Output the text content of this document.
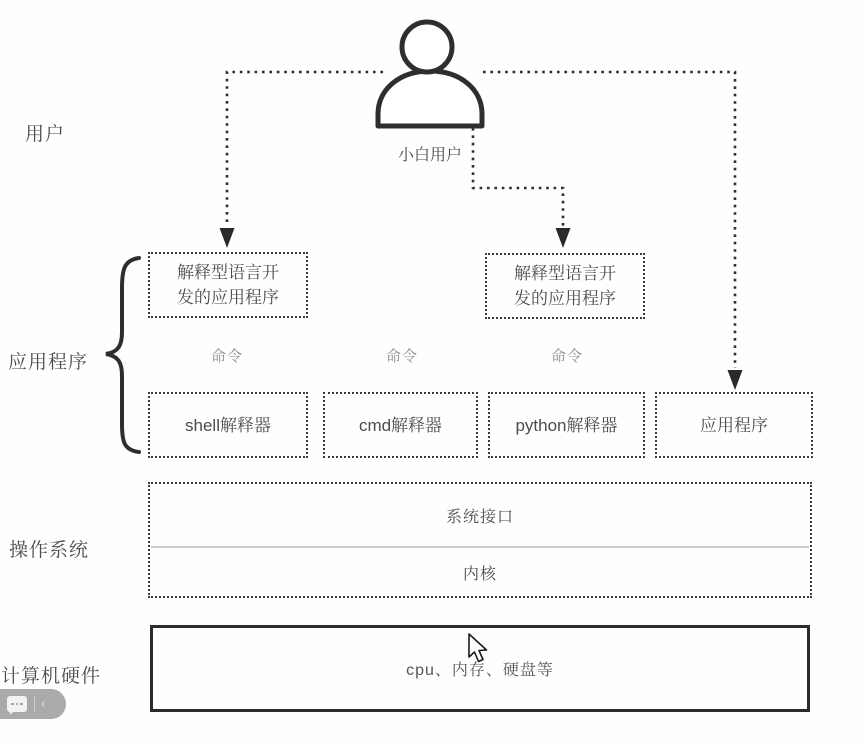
用户
应用程序
操作系统
计算机硬件
小白用户
解释型语言开
发的应用程序
解释型语言开
发的应用程序
命令	命令	命令
shell解释器	cmd解释器	python解释器	应用程序
系统接口
内核
cpu、内存、硬盘等
‹
